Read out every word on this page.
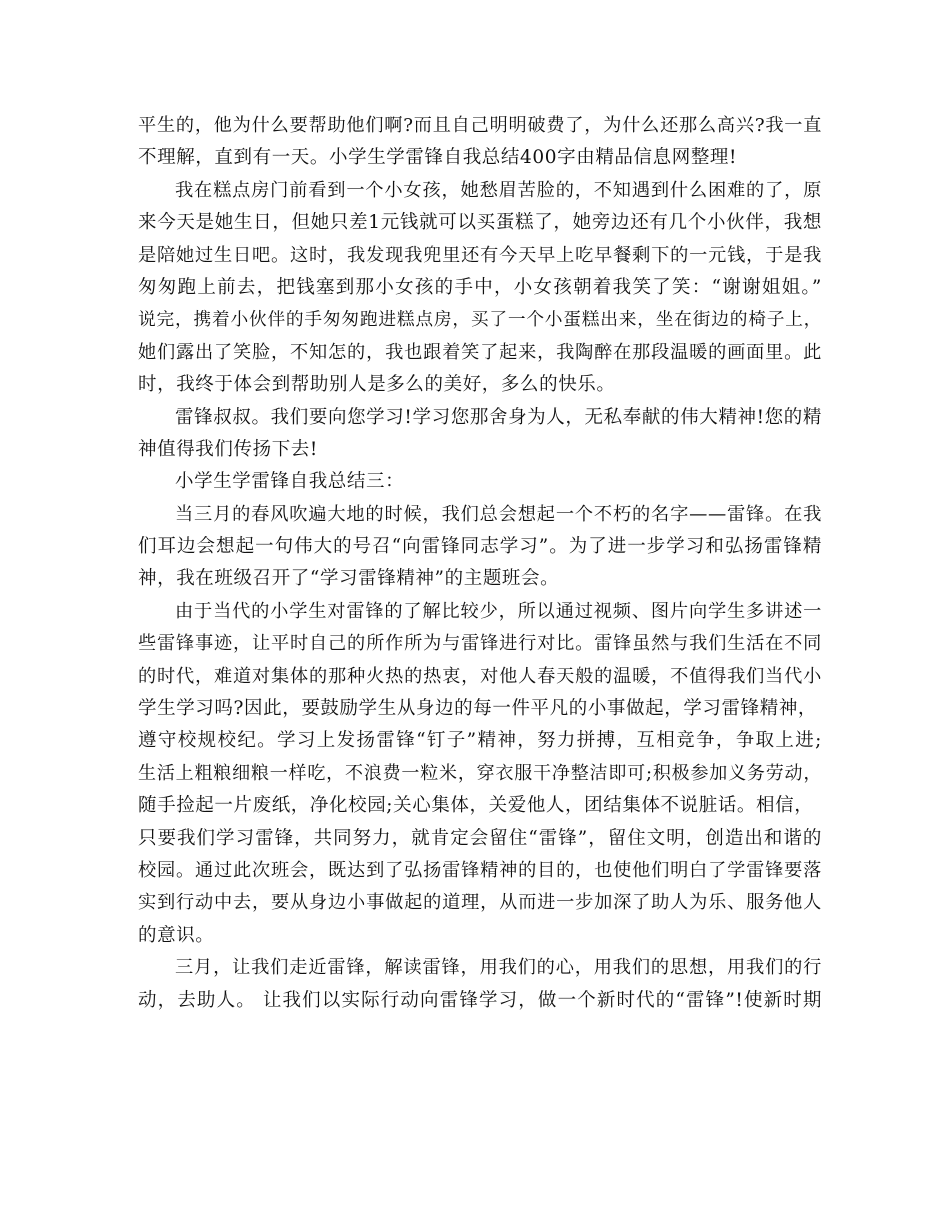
平生的，他为什么要帮助他们啊?而且自己明明破费了，为什么还那么高兴?我一直
不理解，直到有一天。小学生学雷锋自我总结400字由精品信息网整理!
我在糕点房门前看到一个小女孩，她愁眉苦脸的，不知遇到什么困难的了，原
来今天是她生日，但她只差1元钱就可以买蛋糕了，她旁边还有几个小伙伴，我想
是陪她过生日吧。这时，我发现我兜里还有今天早上吃早餐剩下的一元钱，于是我
匆匆跑上前去，把钱塞到那小女孩的手中，小女孩朝着我笑了笑：“谢谢姐姐。”
说完，携着小伙伴的手匆匆跑进糕点房，买了一个小蛋糕出来，坐在街边的椅子上，
她们露出了笑脸，不知怎的，我也跟着笑了起来，我陶醉在那段温暖的画面里。此
时，我终于体会到帮助别人是多么的美好，多么的快乐。
雷锋叔叔。我们要向您学习!学习您那舍身为人，无私奉献的伟大精神!您的精
神值得我们传扬下去!
小学生学雷锋自我总结三：
当三月的春风吹遍大地的时候，我们总会想起一个不朽的名字——雷锋。在我
们耳边会想起一句伟大的号召“向雷锋同志学习”。为了进一步学习和弘扬雷锋精
神，我在班级召开了“学习雷锋精神”的主题班会。
由于当代的小学生对雷锋的了解比较少，所以通过视频、图片向学生多讲述一
些雷锋事迹，让平时自己的所作所为与雷锋进行对比。雷锋虽然与我们生活在不同
的时代，难道对集体的那种火热的热衷，对他人春天般的温暖，不值得我们当代小
学生学习吗?因此，要鼓励学生从身边的每一件平凡的小事做起，学习雷锋精神，
遵守校规校纪。学习上发扬雷锋“钉子”精神，努力拼搏，互相竞争，争取上进;
生活上粗粮细粮一样吃，不浪费一粒米，穿衣服干净整洁即可;积极参加义务劳动，
随手捡起一片废纸，净化校园;关心集体，关爱他人，团结集体不说脏话。相信，
只要我们学习雷锋，共同努力，就肯定会留住“雷锋”，留住文明，创造出和谐的
校园。通过此次班会，既达到了弘扬雷锋精神的目的，也使他们明白了学雷锋要落
实到行动中去，要从身边小事做起的道理，从而进一步加深了助人为乐、服务他人
的意识。
三月，让我们走近雷锋，解读雷锋，用我们的心，用我们的思想，用我们的行
动，去助人。 让我们以实际行动向雷锋学习，做一个新时代的“雷锋”!使新时期
